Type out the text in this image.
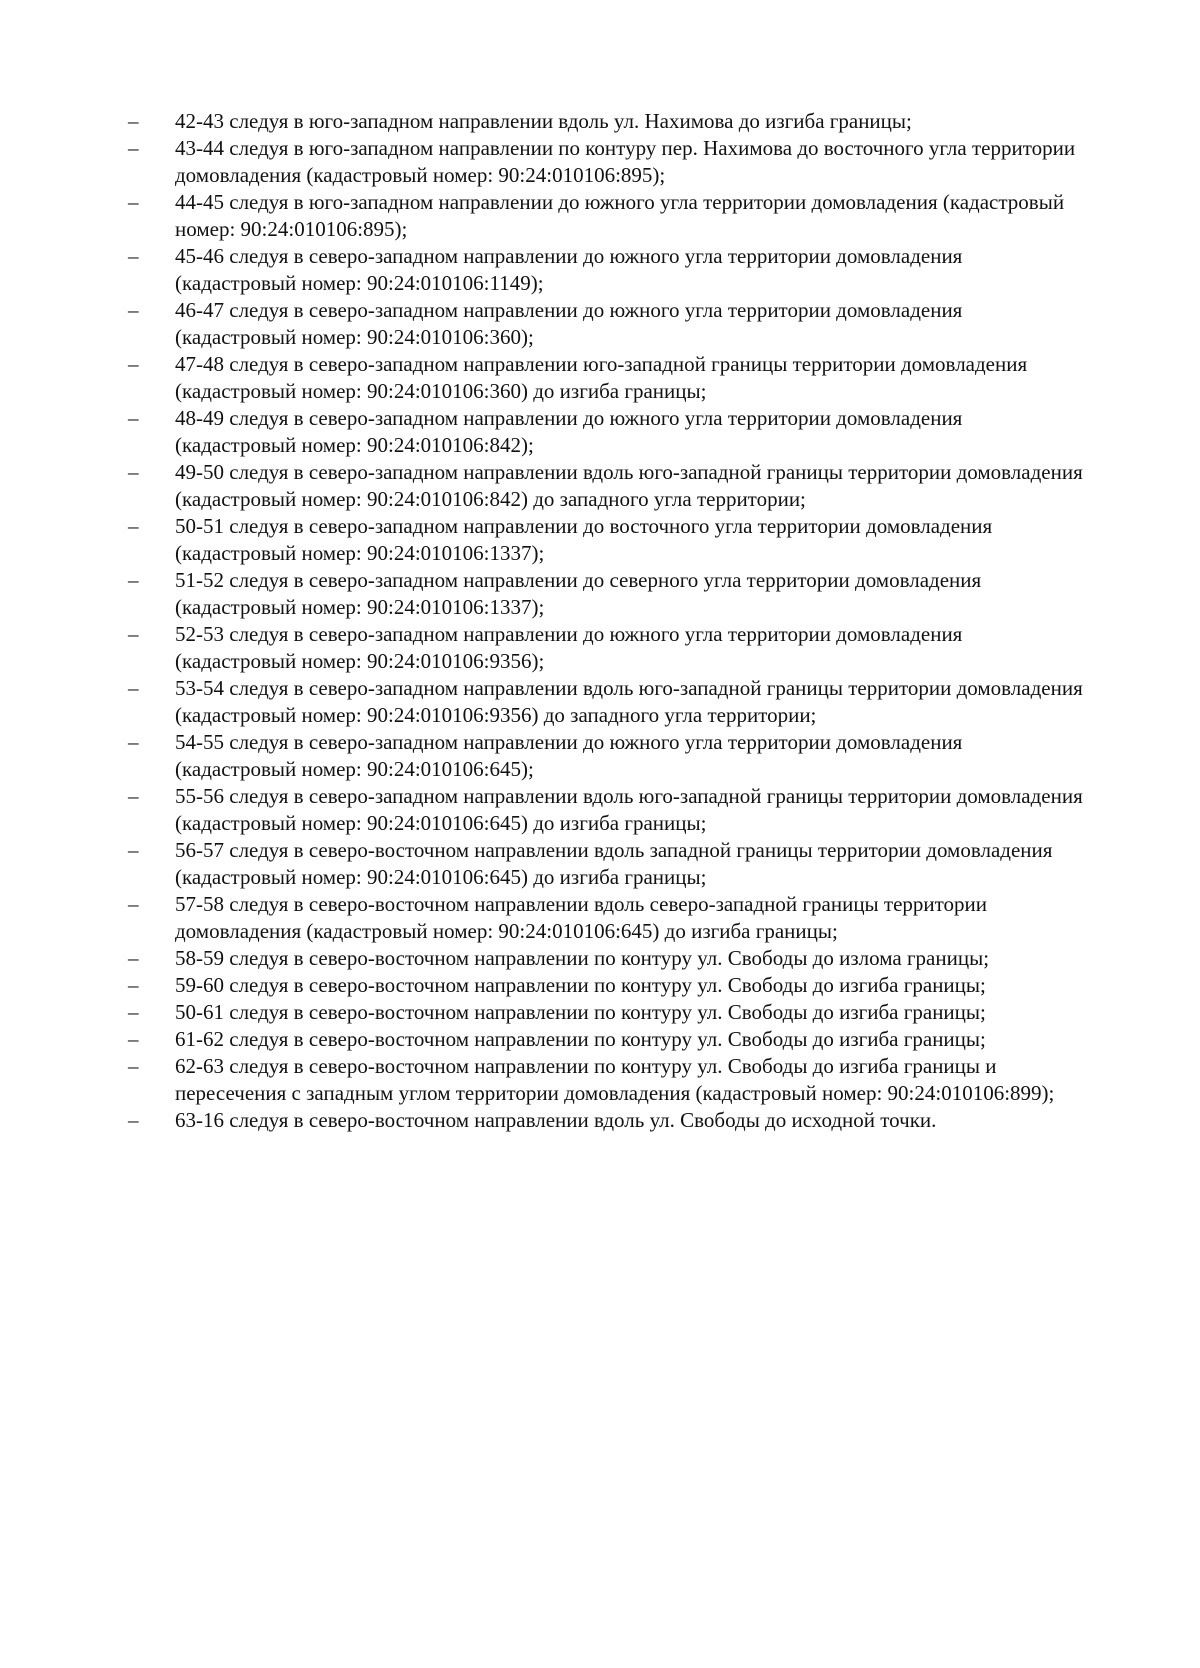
–	42-43 следуя в юго-западном направлении вдоль ул. Нахимова до изгиба границы;
–	43-44 следуя в юго-западном направлении по контуру пер. Нахимова до восточного угла территории домовладения (кадастровый номер: 90:24:010106:895);
–	44-45 следуя в юго-западном направлении до южного угла территории домовладения (кадастровый номер: 90:24:010106:895);
–	45-46 следуя в северо-западном направлении до южного угла территории домовладения (кадастровый номер: 90:24:010106:1149);
–	46-47 следуя в северо-западном направлении до южного угла территории домовладения (кадастровый номер: 90:24:010106:360);
–	47-48 следуя в северо-западном направлении юго-западной границы территории домовладения (кадастровый номер: 90:24:010106:360) до изгиба границы;
–	48-49 следуя в северо-западном направлении до южного угла территории домовладения (кадастровый номер: 90:24:010106:842);
–	49-50 следуя в северо-западном направлении вдоль юго-западной границы территории домовладения (кадастровый номер: 90:24:010106:842) до западного угла территории;
–	50-51 следуя в северо-западном направлении до восточного угла территории домовладения (кадастровый номер: 90:24:010106:1337);
–	51-52 следуя в северо-западном направлении до северного угла территории домовладения (кадастровый номер: 90:24:010106:1337);
–	52-53 следуя в северо-западном направлении до южного угла территории домовладения (кадастровый номер: 90:24:010106:9356);
–	53-54 следуя в северо-западном направлении вдоль юго-западной границы территории домовладения (кадастровый номер: 90:24:010106:9356) до западного угла территории;
–	54-55 следуя в северо-западном направлении до южного угла территории домовладения (кадастровый номер: 90:24:010106:645);
–	55-56 следуя в северо-западном направлении вдоль юго-западной границы территории домовладения (кадастровый номер: 90:24:010106:645) до изгиба границы;
–	56-57 следуя в северо-восточном направлении вдоль западной границы территории домовладения (кадастровый номер: 90:24:010106:645) до изгиба границы;
–	57-58 следуя в северо-восточном направлении вдоль северо-западной границы территории домовладения (кадастровый номер: 90:24:010106:645) до изгиба границы;
–	58-59 следуя в северо-восточном направлении по контуру ул. Свободы до излома границы;
–	59-60 следуя в северо-восточном направлении по контуру ул. Свободы до изгиба границы;
–	50-61 следуя в северо-восточном направлении по контуру ул. Свободы до изгиба границы;
–	61-62 следуя в северо-восточном направлении по контуру ул. Свободы до изгиба границы;
–	62-63 следуя в северо-восточном направлении по контуру ул. Свободы до изгиба границы и пересечения с западным углом территории домовладения (кадастровый номер: 90:24:010106:899);
–	63-16 следуя в северо-восточном направлении вдоль ул. Свободы до исходной точки.
